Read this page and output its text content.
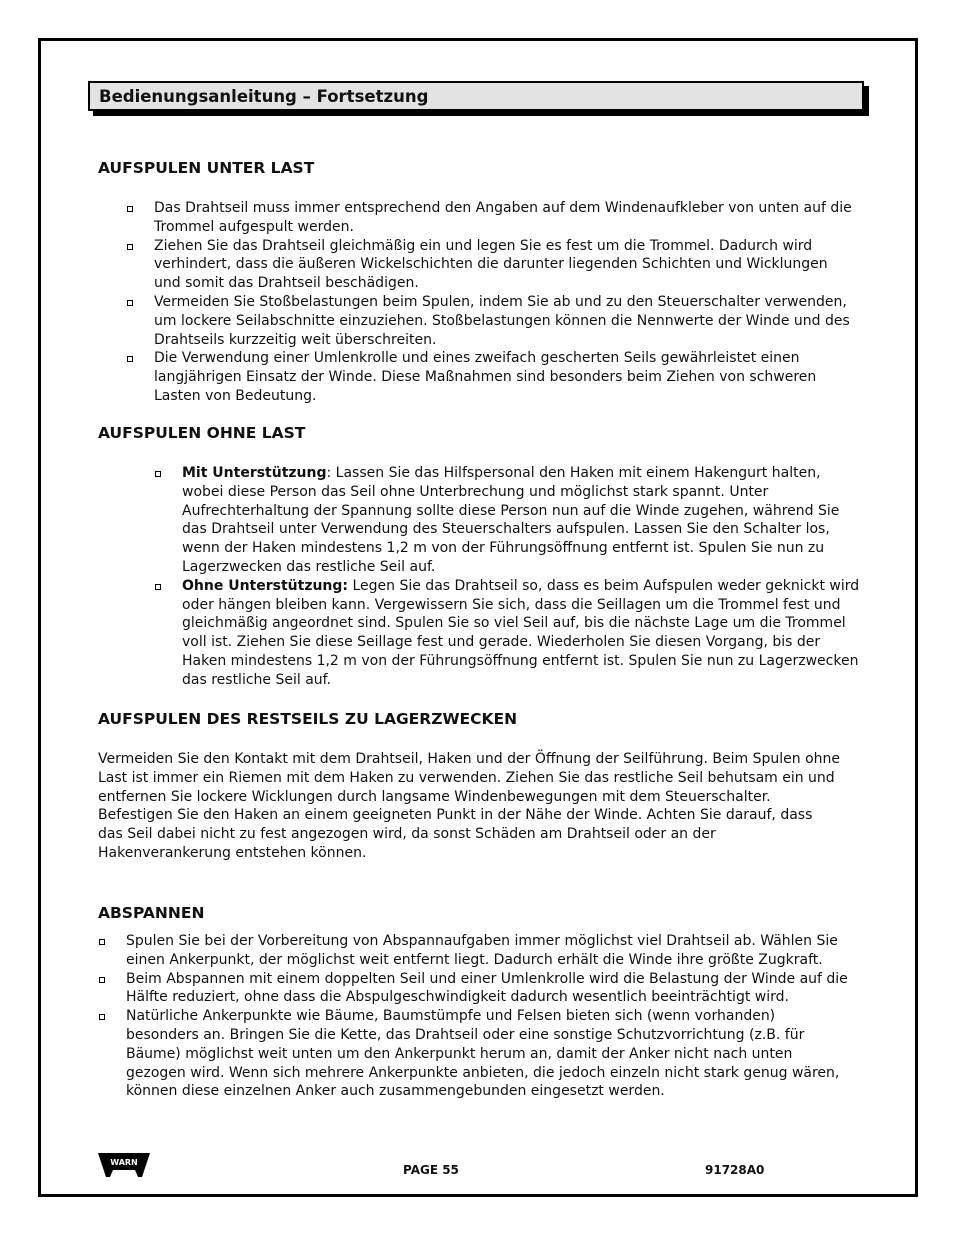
Bedienungsanleitung – Fortsetzung
AUFSPULEN UNTER LAST
Das Drahtseil muss immer entsprechend den Angaben auf dem Windenaufkleber von unten auf die Trommel aufgespult werden.
Ziehen Sie das Drahtseil gleichmäßig ein und legen Sie es fest um die Trommel. Dadurch wird verhindert, dass die äußeren Wickelschichten die darunter liegenden Schichten und Wicklungen und somit das Drahtseil beschädigen.
Vermeiden Sie Stoßbelastungen beim Spulen, indem Sie ab und zu den Steuerschalter verwenden, um lockere Seilabschnitte einzuziehen. Stoßbelastungen können die Nennwerte der Winde und des Drahtseils kurzzeitig weit überschreiten.
Die Verwendung einer Umlenkrolle und eines zweifach gescherten Seils gewährleistet einen langjährigen Einsatz der Winde. Diese Maßnahmen sind besonders beim Ziehen von schweren Lasten von Bedeutung.
AUFSPULEN OHNE LAST
Mit Unterstützung: Lassen Sie das Hilfspersonal den Haken mit einem Hakengurt halten, wobei diese Person das Seil ohne Unterbrechung und möglichst stark spannt. Unter Aufrechterhaltung der Spannung sollte diese Person nun auf die Winde zugehen, während Sie das Drahtseil unter Verwendung des Steuerschalters aufspulen. Lassen Sie den Schalter los, wenn der Haken mindestens 1,2 m von der Führungsöffnung entfernt ist. Spulen Sie nun zu Lagerzwecken das restliche Seil auf.
Ohne Unterstützung: Legen Sie das Drahtseil so, dass es beim Aufspulen weder geknickt wird oder hängen bleiben kann. Vergewissern Sie sich, dass die Seillagen um die Trommel fest und gleichmäßig angeordnet sind. Spulen Sie so viel Seil auf, bis die nächste Lage um die Trommel voll ist. Ziehen Sie diese Seillage fest und gerade. Wiederholen Sie diesen Vorgang, bis der Haken mindestens 1,2 m von der Führungsöffnung entfernt ist. Spulen Sie nun zu Lagerzwecken das restliche Seil auf.
AUFSPULEN DES RESTSEILS ZU LAGERZWECKEN

Vermeiden Sie den Kontakt mit dem Drahtseil, Haken und der Öffnung der Seilführung. Beim Spulen ohne Last ist immer ein Riemen mit dem Haken zu verwenden. Ziehen Sie das restliche Seil behutsam ein und entfernen Sie lockere Wicklungen durch langsame Windenbewegungen mit dem Steuerschalter. Befestigen Sie den Haken an einem geeigneten Punkt in der Nähe der Winde. Achten Sie darauf, dass das Seil dabei nicht zu fest angezogen wird, da sonst Schäden am Drahtseil oder an der Hakenverankerung entstehen können.

ABSPANNEN
Spulen Sie bei der Vorbereitung von Abspannaufgaben immer möglichst viel Drahtseil ab. Wählen Sie einen Ankerpunkt, der möglichst weit entfernt liegt. Dadurch erhält die Winde ihre größte Zugkraft.
Beim Abspannen mit einem doppelten Seil und einer Umlenkrolle wird die Belastung der Winde auf die Hälfte reduziert, ohne dass die Abspulgeschwindigkeit dadurch wesentlich beeinträchtigt wird.
Natürliche Ankerpunkte wie Bäume, Baumstümpfe und Felsen bieten sich (wenn vorhanden) besonders an. Bringen Sie die Kette, das Drahtseil oder eine sonstige Schutzvorrichtung (z.B. für Bäume) möglichst weit unten um den Ankerpunkt herum an, damit der Anker nicht nach unten gezogen wird. Wenn sich mehrere Ankerpunkte anbieten, die jedoch einzeln nicht stark genug wären, können diese einzelnen Anker auch zusammengebunden eingesetzt werden.
WARN
PAGE 55	91728A0
